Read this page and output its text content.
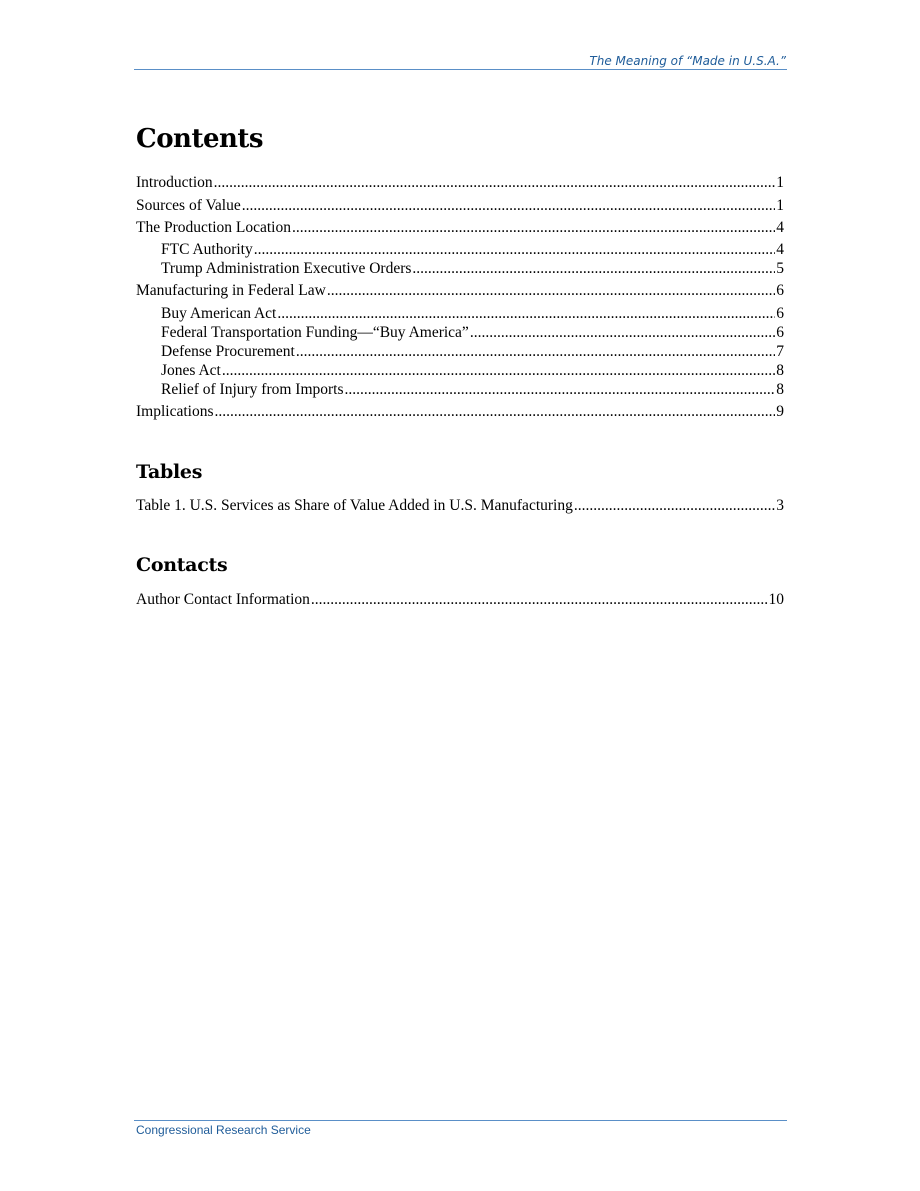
The Meaning of “Made in U.S.A.”
Contents
Introduction .....	1
Sources of Value .....	1
The Production Location .....	4
FTC Authority .....	4
Trump Administration Executive Orders .....	5
Manufacturing in Federal Law .....	6
Buy American Act .....	6
Federal Transportation Funding—“Buy America” .....	6
Defense Procurement .....	7
Jones Act .....	8
Relief of Injury from Imports .....	8
Implications .....	9
Tables
Table 1. U.S. Services as Share of Value Added in U.S. Manufacturing .....	3
Contacts
Author Contact Information .....	10
Congressional Research Service
